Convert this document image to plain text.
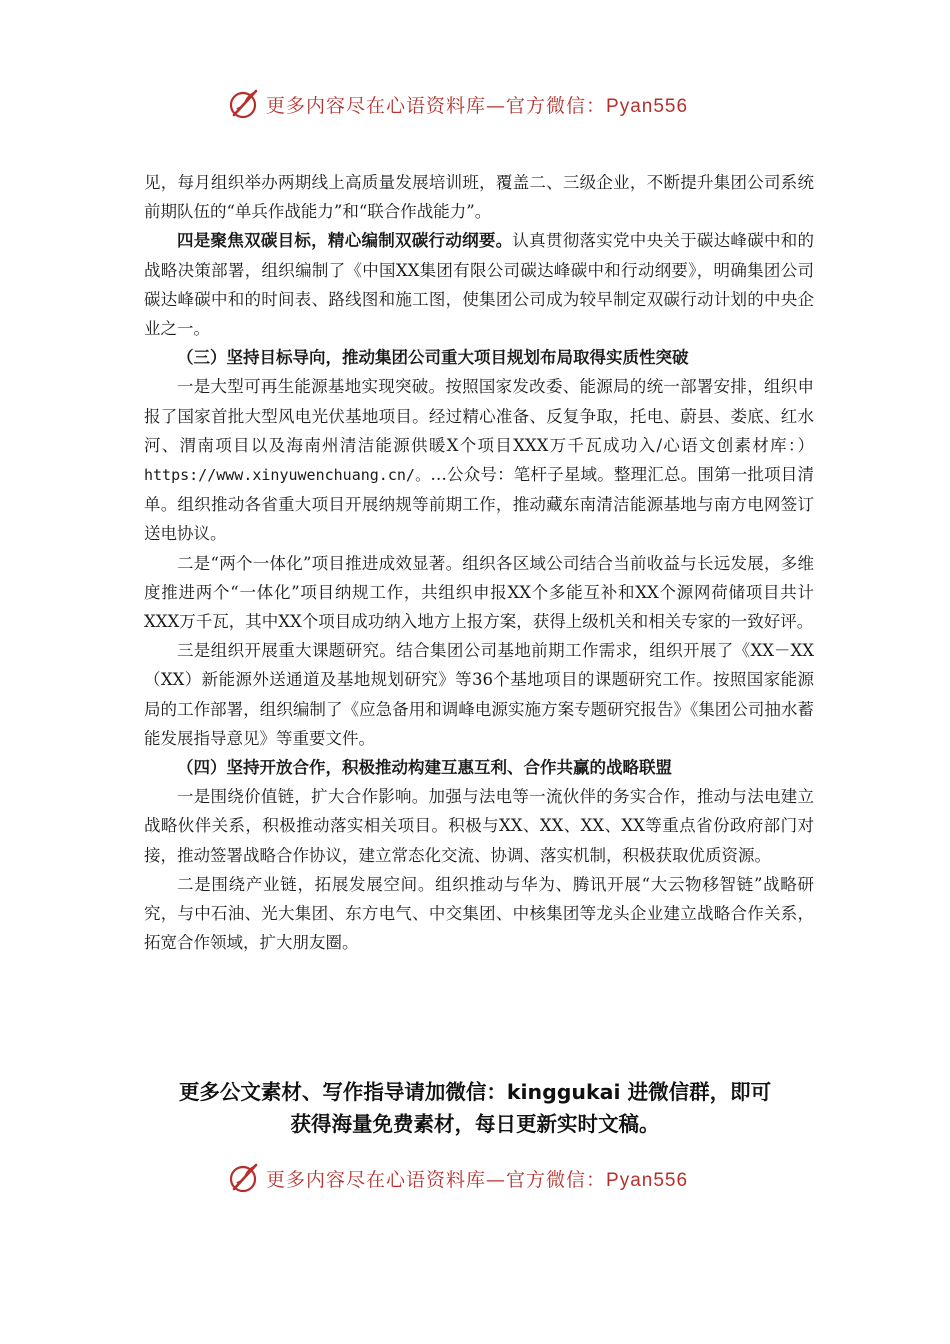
更多内容尽在心语资料库—官方微信：Pyan556

见，每月组织举办两期线上高质量发展培训班，覆盖二、三级企业，不断提升集团公司系统前期队伍的“单兵作战能力”和“联合作战能力”。

四是聚焦双碳目标，精心编制双碳行动纲要。认真贯彻落实党中央关于碳达峰碳中和的战略决策部署，组织编制了《中国XX集团有限公司碳达峰碳中和行动纲要》，明确集团公司碳达峰碳中和的时间表、路线图和施工图，使集团公司成为较早制定双碳行动计划的中央企业之一。

（三）坚持目标导向，推动集团公司重大项目规划布局取得实质性突破

一是大型可再生能源基地实现突破。按照国家发改委、能源局的统一部署安排，组织申报了国家首批大型风电光伏基地项目。经过精心准备、反复争取，托电、蔚县、娄底、红水河、渭南项目以及海南州清洁能源供暖X个项目XXX万千瓦成功入/心语文创素材库：）https://www.xinyuwenchuang.cn/。…公众号：笔杆子星域。整理汇总。围第一批项目清单。组织推动各省重大项目开展纳规等前期工作，推动藏东南清洁能源基地与南方电网签订送电协议。

二是“两个一体化”项目推进成效显著。组织各区域公司结合当前收益与长远发展，多维度推进两个“一体化”项目纳规工作，共组织申报XX个多能互补和XX个源网荷储项目共计XXX万千瓦，其中XX个项目成功纳入地方上报方案，获得上级机关和相关专家的一致好评。

三是组织开展重大课题研究。结合集团公司基地前期工作需求，组织开展了《XX－XX（XX）新能源外送通道及基地规划研究》等36个基地项目的课题研究工作。按照国家能源局的工作部署，组织编制了《应急备用和调峰电源实施方案专题研究报告》《集团公司抽水蓄能发展指导意见》等重要文件。

（四）坚持开放合作，积极推动构建互惠互利、合作共赢的战略联盟

一是围绕价值链，扩大合作影响。加强与法电等一流伙伴的务实合作，推动与法电建立战略伙伴关系，积极推动落实相关项目。积极与XX、XX、XX、XX等重点省份政府部门对接，推动签署战略合作协议，建立常态化交流、协调、落实机制，积极获取优质资源。

二是围绕产业链，拓展发展空间。组织推动与华为、腾讯开展“大云物移智链”战略研究，与中石油、光大集团、东方电气、中交集团、中核集团等龙头企业建立战略合作关系，拓宽合作领域，扩大朋友圈。

更多公文素材、写作指导请加微信：kinggukai 进微信群，即可
获得海量免费素材，每日更新实时文稿。
更多内容尽在心语资料库—官方微信：Pyan556
